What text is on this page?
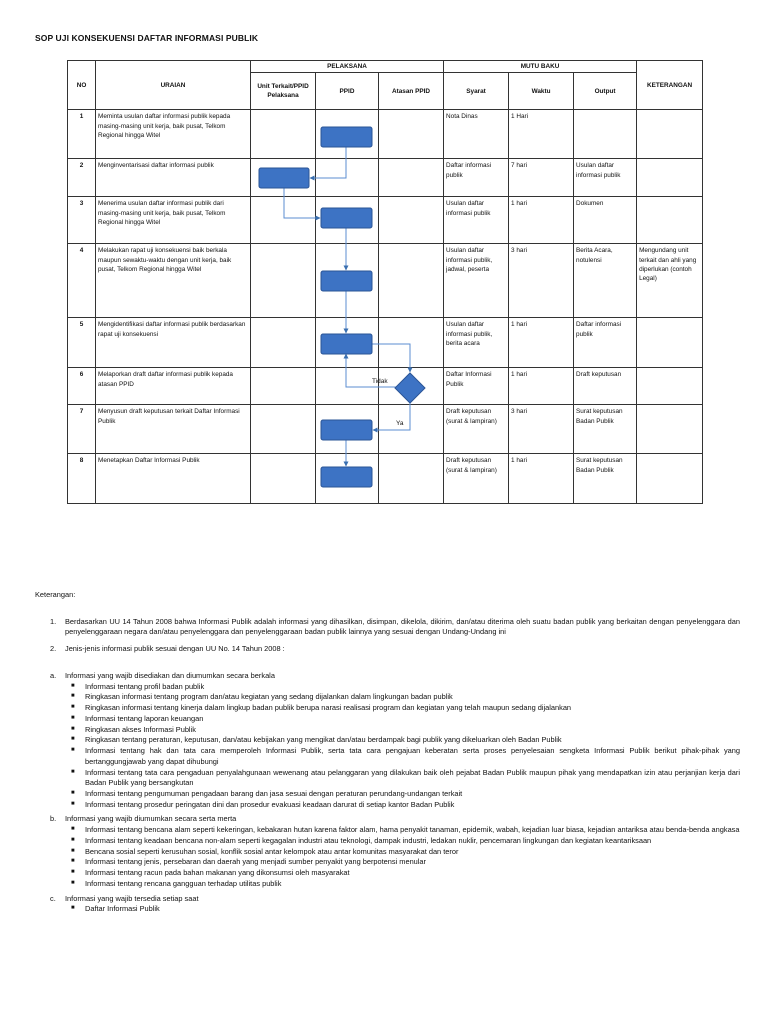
SOP UJI KONSEKUENSI DAFTAR INFORMASI PUBLIK
NO	URAIAN	PELAKSANA			MUTU BAKU			KETERANGAN
		Unit Terkait/PPID Pelaksana	PPID	Atasan PPID	Syarat	Waktu	Output	
1	Meminta usulan daftar informasi publik kepada masing-masing unit kerja, baik pusat, Telkom Regional hingga Witel				Nota Dinas	1 Hari		
2	Menginventarisasi daftar informasi publik				Daftar informasi publik	7 hari	Usulan daftar informasi publik	
3	Menerima usulan daftar informasi publik dari masing-masing unit kerja, baik pusat, Telkom Regional hingga Witel				Usulan daftar informasi publik	1 hari	Dokumen	
4	Melakukan rapat uji konsekuensi baik berkala maupun sewaktu-waktu dengan unit kerja, baik pusat, Telkom Regional hingga Witel				Usulan daftar informasi publik, jadwal, peserta	3 hari	Berita Acara, notulensi	Mengundang unit terkait dan ahli yang diperlukan (contoh Legal)
5	Mengidentifikasi daftar informasi publik berdasarkan rapat uji konsekuensi				Usulan daftar informasi publik, berita acara	1 hari	Daftar informasi publik	
6	Melaporkan draft daftar informasi publik kepada atasan PPID				Daftar Informasi Publik	1 hari	Draft keputusan	
7	Menyusun draft keputusan terkait Daftar Informasi Publik				Draft keputusan (surat & lampiran)	3 hari	Surat keputusan Badan Publik	
8	Menetapkan Daftar Informasi Publik				Draft keputusan (surat & lampiran)	1 hari	Surat keputusan Badan Publik	
Tidak
Ya
Keterangan:
1. Berdasarkan UU 14 Tahun 2008 bahwa Informasi Publik adalah informasi yang dihasilkan, disimpan, dikelola, dikirim, dan/atau diterima oleh suatu badan publik yang berkaitan dengan penyelenggara dan penyelenggaraan negara dan/atau penyelenggara dan penyelenggaraan badan publik lainnya yang sesuai dengan Undang-Undang ini
2. Jenis-jenis informasi publik sesuai dengan UU No. 14 Tahun 2008 :
a. Informasi yang wajib disediakan dan diumumkan secara berkala
■ Informasi tentang profil badan publik
■ Ringkasan informasi tentang program dan/atau kegiatan yang sedang dijalankan dalam lingkungan badan publik
■ Ringkasan informasi tentang kinerja dalam lingkup badan publik berupa narasi realisasi program dan kegiatan yang telah maupun sedang dijalankan
■ Informasi tentang laporan keuangan
■ Ringkasan akses Informasi Publik
■ Ringkasan tentang peraturan, keputusan, dan/atau kebijakan yang mengikat dan/atau berdampak bagi publik yang dikeluarkan oleh Badan Publik
■ Informasi tentang hak dan tata cara memperoleh Informasi Publik, serta tata cara pengajuan keberatan serta proses penyelesaian sengketa Informasi Publik berikut pihak-pihak yang bertanggungjawab yang dapat dihubungi
■ Informasi tentang tata cara pengaduan penyalahgunaan wewenang atau pelanggaran yang dilakukan baik oleh pejabat Badan Publik maupun pihak yang mendapatkan izin atau perjanjian kerja dari Badan Publik yang bersangkutan
■ Informasi tentang pengumuman pengadaan barang dan jasa sesuai dengan peraturan perundang-undangan terkait
■ Informasi tentang prosedur peringatan dini dan prosedur evakuasi keadaan darurat di setiap kantor Badan Publik
b. Informasi yang wajib diumumkan secara serta merta
■ Informasi tentang bencana alam seperti kekeringan, kebakaran hutan karena faktor alam, hama penyakit tanaman, epidemik, wabah, kejadian luar biasa, kejadian antariksa atau benda-benda angkasa
■ Informasi tentang keadaan bencana non-alam seperti kegagalan industri atau teknologi, dampak industri, ledakan nuklir, pencemaran lingkungan dan kegiatan keantariksaan
■ Bencana sosial seperti kerusuhan sosial, konflik sosial antar kelompok atau antar komunitas masyarakat dan teror
■ Informasi tentang jenis, persebaran dan daerah yang menjadi sumber penyakit yang berpotensi menular
■ Informasi tentang racun pada bahan makanan yang dikonsumsi oleh masyarakat
■ Informasi tentang rencana gangguan terhadap utilitas publik
c. Informasi yang wajib tersedia setiap saat
■ Daftar Informasi Publik
